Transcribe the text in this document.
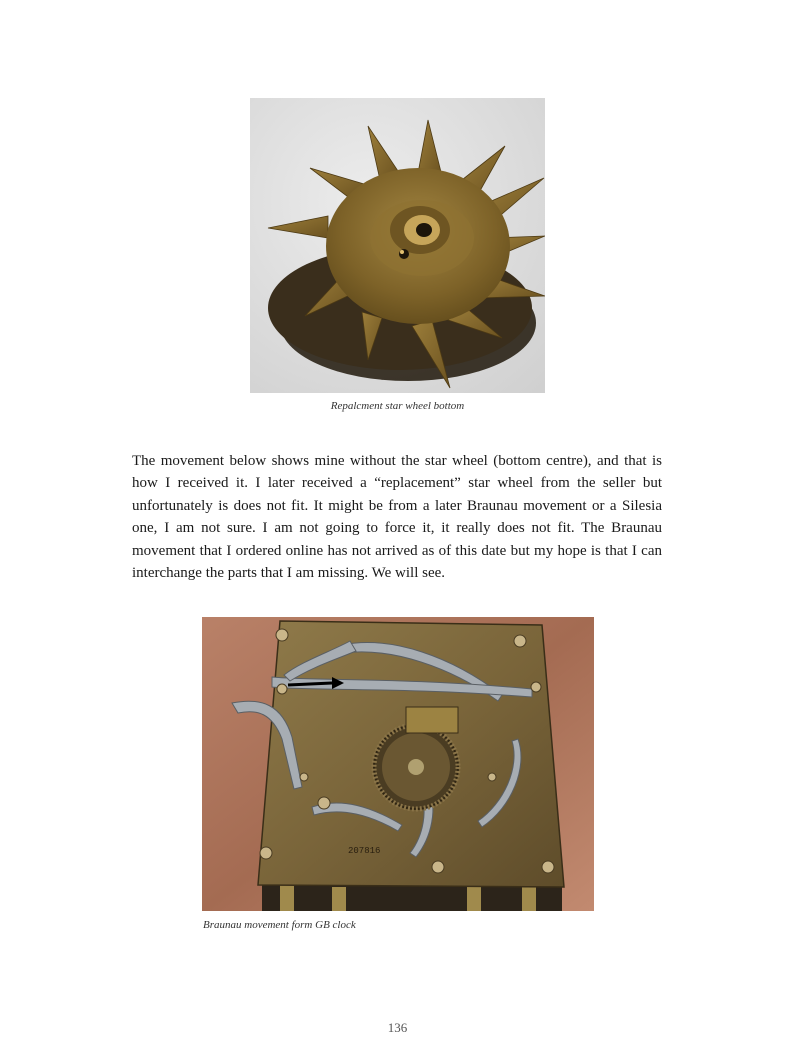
Repalcment star wheel bottom

The movement below shows mine without the star wheel (bottom centre), and that is how I received it. I later received a “replacement” star wheel from the seller but unfortunately is does not fit. It might be from a later Braunau movement or a Silesia one, I am not sure. I am not going to force it, it really does not fit. The Braunau movement that I ordered online has not arrived as of this date but my hope is that I can interchange the parts that I am missing. We will see.

207816
Braunau movement form GB clock
136
